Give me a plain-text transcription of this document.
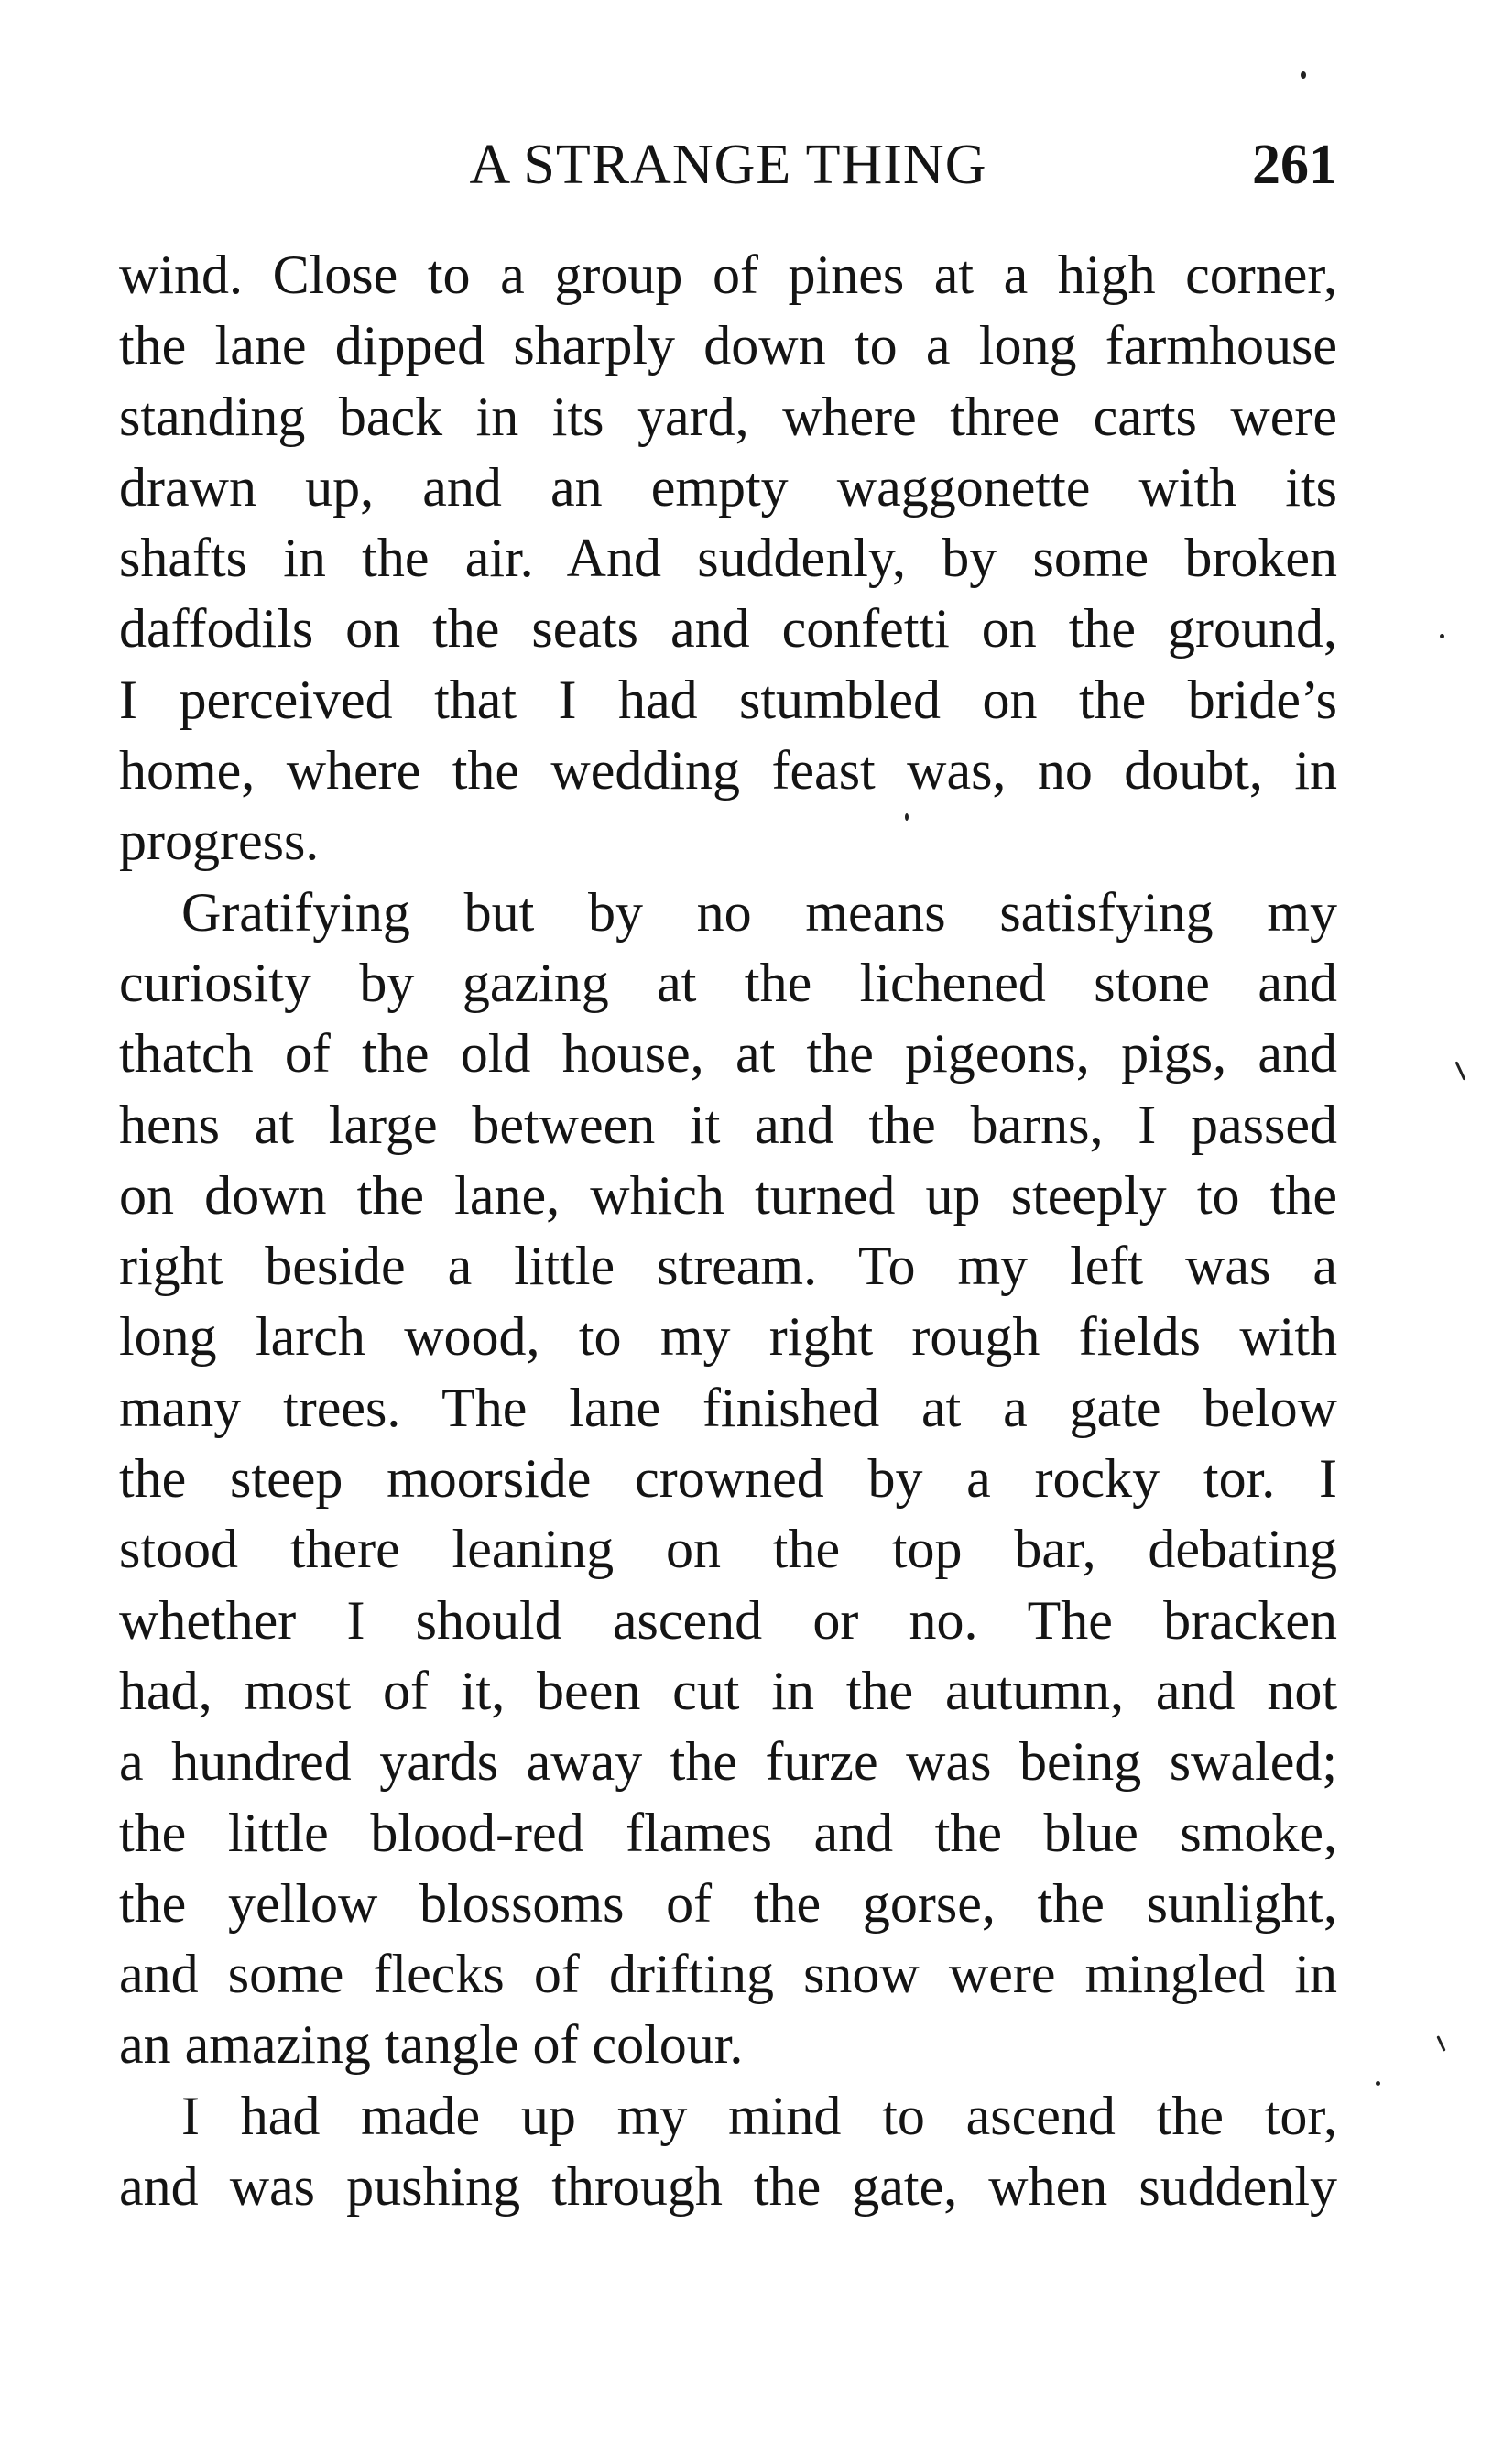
A STRANGE THING	261
wind. Close to a group of pines at a high corner,
the lane dipped sharply down to a long farmhouse
standing back in its yard, where three carts were
drawn up, and an empty waggonette with its
shafts in the air. And suddenly, by some broken
daffodils on the seats and confetti on the ground,
I perceived that I had stumbled on the bride’s
home, where the wedding feast was, no doubt, in
progress.
Gratifying but by no means satisfying my
curiosity by gazing at the lichened stone and
thatch of the old house, at the pigeons, pigs, and
hens at large between it and the barns, I passed
on down the lane, which turned up steeply to the
right beside a little stream. To my left was a
long larch wood, to my right rough fields with
many trees. The lane finished at a gate below
the steep moorside crowned by a rocky tor. I
stood there leaning on the top bar, debating
whether I should ascend or no. The bracken
had, most of it, been cut in the autumn, and not
a hundred yards away the furze was being swaled;
the little blood-red flames and the blue smoke,
the yellow blossoms of the gorse, the sunlight,
and some flecks of drifting snow were mingled in
an amazing tangle of colour.
I had made up my mind to ascend the tor,
and was pushing through the gate, when suddenly
